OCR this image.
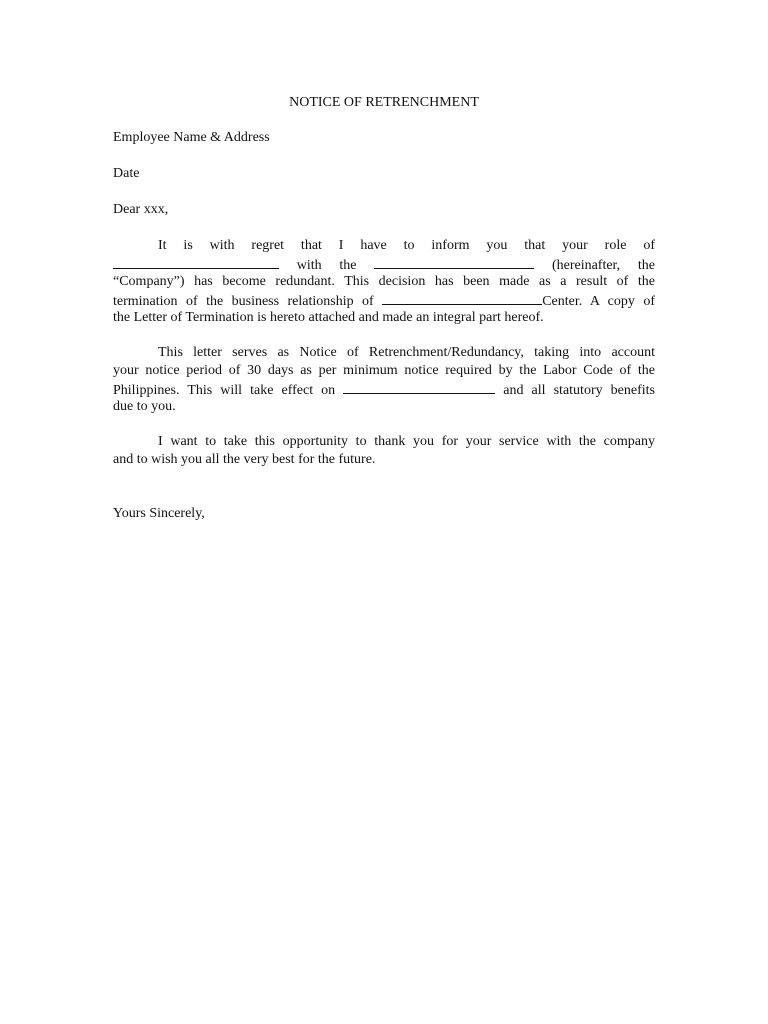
NOTICE OF RETRENCHMENT
Employee Name & Address
Date
Dear xxx,
It is with regret that I have to inform you that your role of
with the	(hereinafter, the
“Company”) has become redundant. This decision has been made as a result of the
termination of the business relationship of	Center. A copy of
the Letter of Termination is hereto attached and made an integral part hereof.
This letter serves as Notice of Retrenchment/Redundancy, taking into account
your notice period of 30 days as per minimum notice required by the Labor Code of the
Philippines. This will take effect on	and all statutory benefits
due to you.
I want to take this opportunity to thank you for your service with the company
and to wish you all the very best for the future.
Yours Sincerely,
